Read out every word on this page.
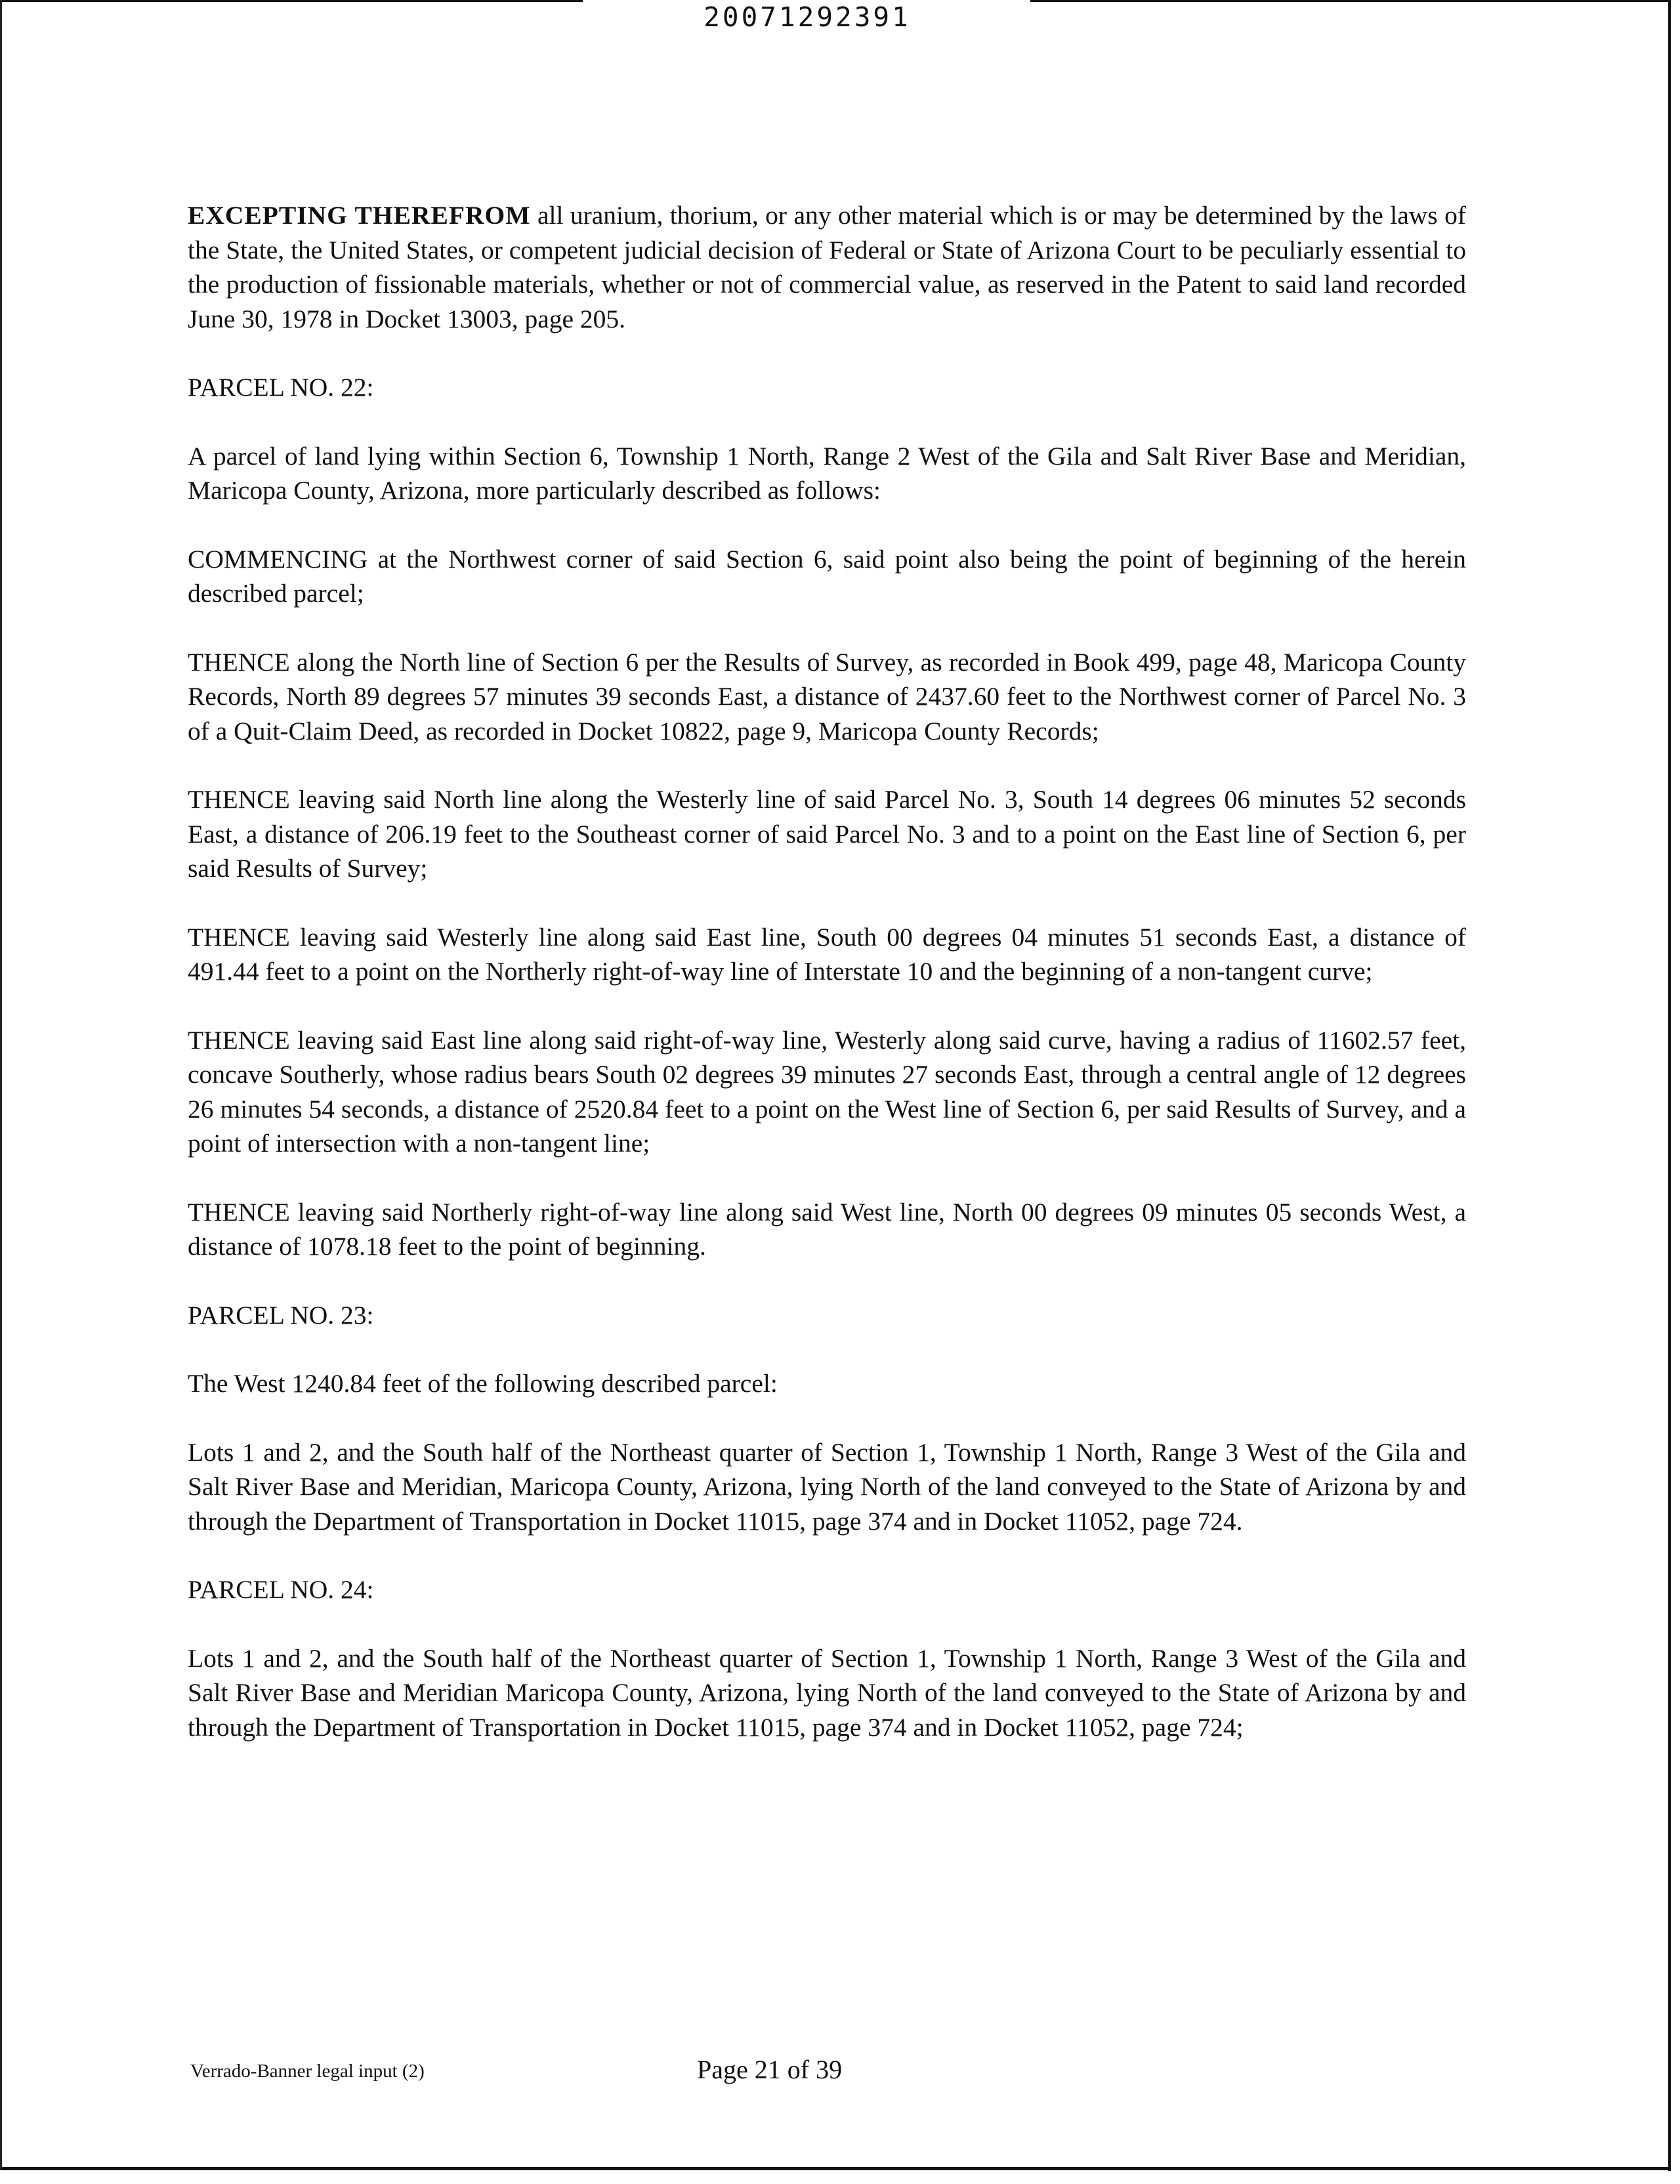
20071292391

EXCEPTING THEREFROM all uranium, thorium, or any other material which is or may be determined by the laws of the State, the United States, or competent judicial decision of Federal or State of Arizona Court to be peculiarly essential to the production of fissionable materials, whether or not of commercial value, as reserved in the Patent to said land recorded June 30, 1978 in Docket 13003, page 205.

PARCEL NO. 22:

A parcel of land lying within Section 6, Township 1 North, Range 2 West of the Gila and Salt River Base and Meridian, Maricopa County, Arizona, more particularly described as follows:

COMMENCING at the Northwest corner of said Section 6, said point also being the point of beginning of the herein described parcel;

THENCE along the North line of Section 6 per the Results of Survey, as recorded in Book 499, page 48, Maricopa County Records, North 89 degrees 57 minutes 39 seconds East, a distance of 2437.60 feet to the Northwest corner of Parcel No. 3 of a Quit-Claim Deed, as recorded in Docket 10822, page 9, Maricopa County Records;

THENCE leaving said North line along the Westerly line of said Parcel No. 3, South 14 degrees 06 minutes 52 seconds East, a distance of 206.19 feet to the Southeast corner of said Parcel No. 3 and to a point on the East line of Section 6, per said Results of Survey;

THENCE leaving said Westerly line along said East line, South 00 degrees 04 minutes 51 seconds East, a distance of 491.44 feet to a point on the Northerly right-of-way line of Interstate 10 and the beginning of a non-tangent curve;

THENCE leaving said East line along said right-of-way line, Westerly along said curve, having a radius of 11602.57 feet, concave Southerly, whose radius bears South 02 degrees 39 minutes 27 seconds East, through a central angle of 12 degrees 26 minutes 54 seconds, a distance of 2520.84 feet to a point on the West line of Section 6, per said Results of Survey, and a point of intersection with a non-tangent line;

THENCE leaving said Northerly right-of-way line along said West line, North 00 degrees 09 minutes 05 seconds West, a distance of 1078.18 feet to the point of beginning.

PARCEL NO. 23:

The West 1240.84 feet of the following described parcel:

Lots 1 and 2, and the South half of the Northeast quarter of Section 1, Township 1 North, Range 3 West of the Gila and Salt River Base and Meridian, Maricopa County, Arizona, lying North of the land conveyed to the State of Arizona by and through the Department of Transportation in Docket 11015, page 374 and in Docket 11052, page 724.

PARCEL NO. 24:

Lots 1 and 2, and the South half of the Northeast quarter of Section 1, Township 1 North, Range 3 West of the Gila and Salt River Base and Meridian Maricopa County, Arizona, lying North of the land conveyed to the State of Arizona by and through the Department of Transportation in Docket 11015, page 374 and in Docket 11052, page 724;

Verrado-Banner legal input (2)	Page 21 of 39
